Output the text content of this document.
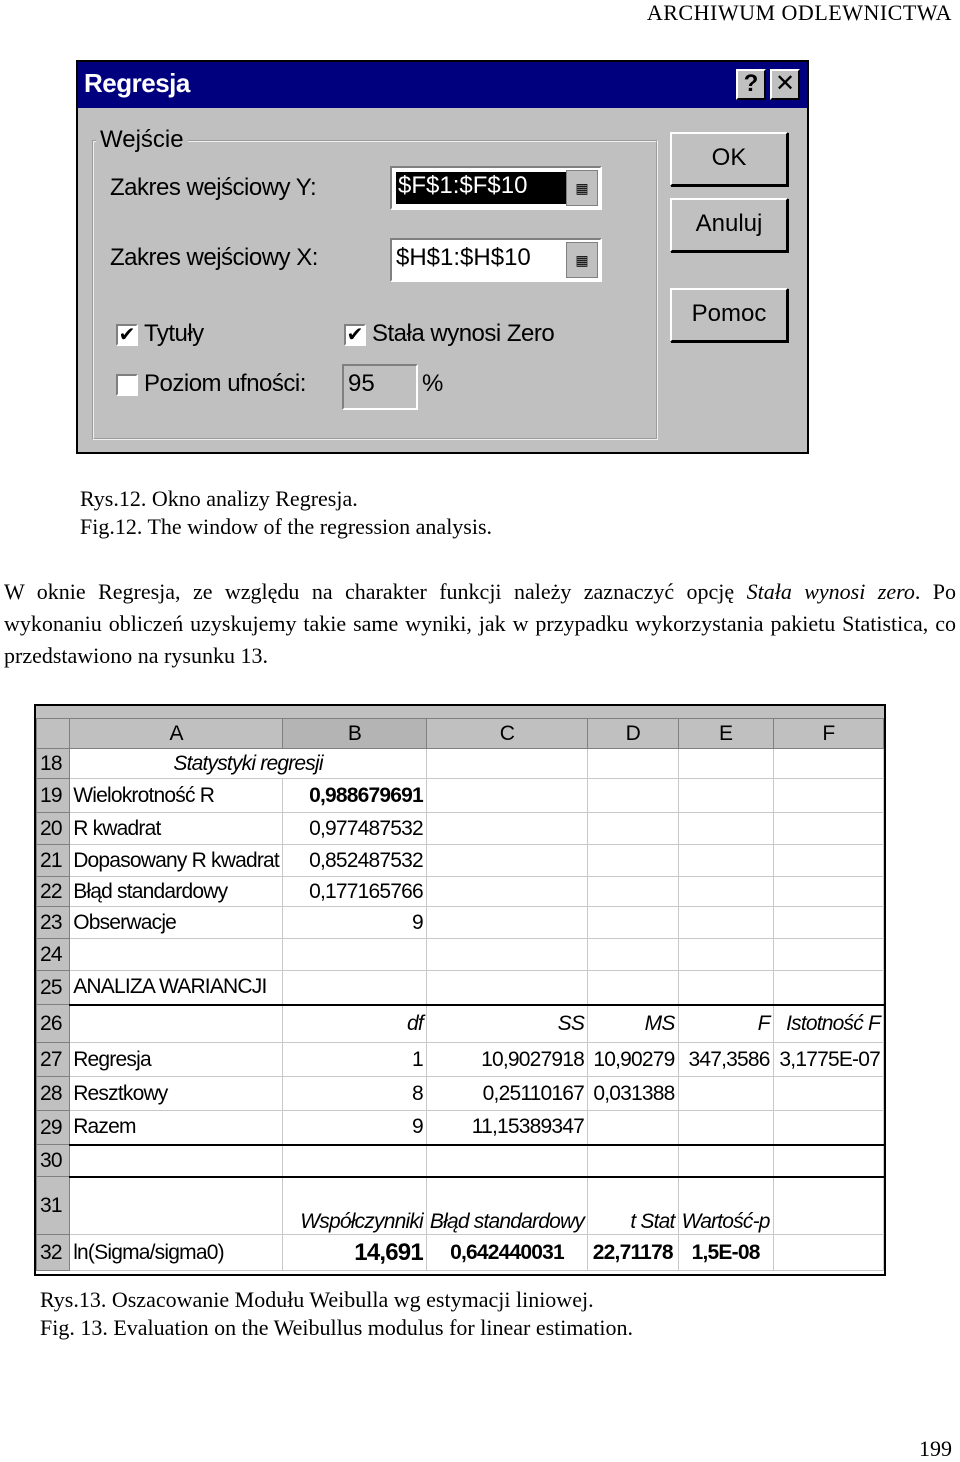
ARCHIWUM ODLEWNICTWA
Regresja	? ✕
Wejście
Zakres wejściowy Y:	$F$1:$F$10	▦
Zakres wejściowy X:	$H$1:$H$10	▦
✔ Tytuły	✔ Stała wynosi Zero
Poziom ufności: 95 %
OK
Anuluj
Pomoc
Rys.12. Okno analizy Regresja.
Fig.12. The window of the regression analysis.
W oknie Regresja, ze względu na charakter funkcji należy zaznaczyć opcję Stała wynosi zero. Po wykonaniu obliczeń uzyskujemy takie same wyniki, jak w przypadku wykorzystania pakietu Statistica, co przedstawiono na rysunku 13.
	A	B	C	D	E	F
18	Statystyki regresji					
19	Wielokrotność R	0,988679691				
20	R kwadrat	0,977487532				
21	Dopasowany R kwadrat	0,852487532				
22	Błąd standardowy	0,177165766				
23	Obserwacje	9				
24						
25	ANALIZA WARIANCJI					
26		df	SS	MS	F	Istotność F
27	Regresja	1	10,9027918	10,90279	347,3586	3,1775E-07
28	Resztkowy	8	0,25110167	0,031388		
29	Razem	9	11,15389347			
30						
31		Współczynniki	Błąd standardowy	t Stat	Wartość-p	
32	ln(Sigma/sigma0)	14,691	0,642440031	22,71178	1,5E-08	
Rys.13. Oszacowanie Modułu Weibulla wg estymacji liniowej.
Fig. 13. Evaluation on the Weibullus modulus for linear estimation.
199
